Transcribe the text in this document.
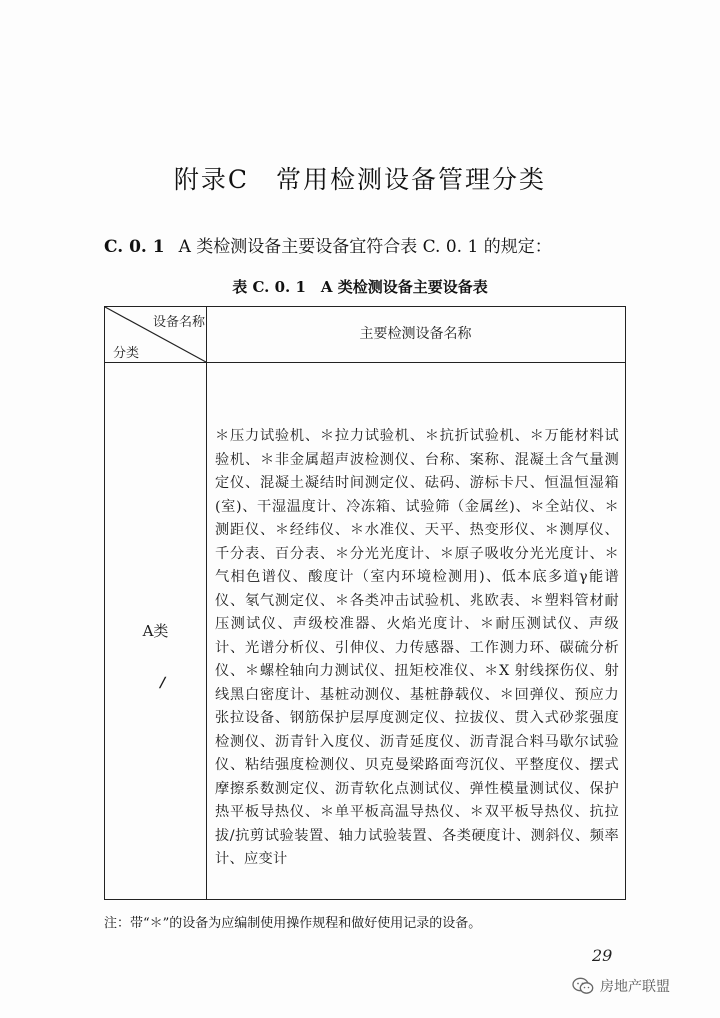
附录C　常用检测设备管理分类
C. 0. 1 A 类检测设备主要设备宜符合表 C. 0. 1 的规定：
表 C. 0. 1　A 类检测设备主要设备表
设备名称
分类
主要检测设备名称
A类
/
＊压力试验机、＊拉力试验机、＊抗折试验机、＊万能材料试验机、＊非金属超声波检测仪、台称、案称、混凝土含气量测定仪、混凝土凝结时间测定仪、砝码、游标卡尺、恒温恒湿箱(室)、干湿温度计、冷冻箱、试验筛（金属丝)、＊全站仪、＊测距仪、＊经纬仪、＊水准仪、天平、热变形仪、＊测厚仪、千分表、百分表、＊分光光度计、＊原子吸收分光光度计、＊气相色谱仪、酸度计（室内环境检测用)、低本底多道γ能谱仪、氡气测定仪、＊各类冲击试验机、兆欧表、＊塑料管材耐压测试仪、声级校准器、火焰光度计、＊耐压测试仪、声级计、光谱分析仪、引伸仪、力传感器、工作测力环、碳硫分析仪、＊螺栓轴向力测试仪、扭矩校准仪、＊X 射线探伤仪、射线黑白密度计、基桩动测仪、基桩静载仪、＊回弹仪、预应力张拉设备、钢筋保护层厚度测定仪、拉拔仪、贯入式砂浆强度检测仪、沥青针入度仪、沥青延度仪、沥青混合料马歇尔试验仪、粘结强度检测仪、贝克曼梁路面弯沉仪、平整度仪、摆式摩擦系数测定仪、沥青软化点测试仪、弹性模量测试仪、保护热平板导热仪、＊单平板高温导热仪、＊双平板导热仪、抗拉拔/抗剪试验装置、轴力试验装置、各类硬度计、测斜仪、频率计、应变计
注：带“＊”的设备为应编制使用操作规程和做好使用记录的设备。
29
房地产联盟
